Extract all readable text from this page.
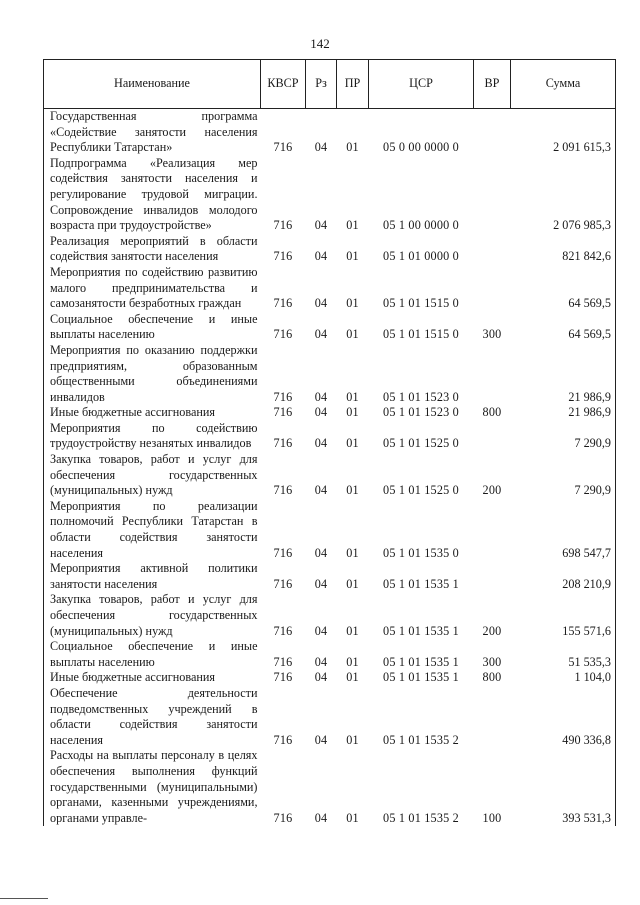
142
Наименование	КВСР	Рз	ПР	ЦСР	ВР	Сумма
Государственная программа «Содействие занятости населения Республики Татарстан»	716	04	01	05 0 00 0000 0		2 091 615,3
Подпрограмма «Реализация мер содействия занятости населения и регулирование трудовой миграции. Сопровождение инвалидов молодого возраста при трудоустройстве»	716	04	01	05 1 00 0000 0		2 076 985,3
Реализация мероприятий в области содействия занятости населения	716	04	01	05 1 01 0000 0		821 842,6
Мероприятия по содействию развитию малого предпринимательства и самозанятости безработных граждан	716	04	01	05 1 01 1515 0		64 569,5
Социальное обеспечение и иные выплаты населению	716	04	01	05 1 01 1515 0	300	64 569,5
Мероприятия по оказанию поддержки предприятиям, образованным общественными объединениями инвалидов	716	04	01	05 1 01 1523 0		21 986,9
Иные бюджетные ассигнования	716	04	01	05 1 01 1523 0	800	21 986,9
Мероприятия по содействию трудоустройству незанятых инвалидов	716	04	01	05 1 01 1525 0		7 290,9
Закупка товаров, работ и услуг для обеспечения государственных (муниципальных) нужд	716	04	01	05 1 01 1525 0	200	7 290,9
Мероприятия по реализации полномочий Республики Татарстан в области содействия занятости населения	716	04	01	05 1 01 1535 0		698 547,7
Мероприятия активной политики занятости населения	716	04	01	05 1 01 1535 1		208 210,9
Закупка товаров, работ и услуг для обеспечения государственных (муниципальных) нужд	716	04	01	05 1 01 1535 1	200	155 571,6
Социальное обеспечение и иные выплаты населению	716	04	01	05 1 01 1535 1	300	51 535,3
Иные бюджетные ассигнования	716	04	01	05 1 01 1535 1	800	1 104,0
Обеспечение деятельности подведомственных учреждений в области содействия занятости населения	716	04	01	05 1 01 1535 2		490 336,8
Расходы на выплаты персоналу в целях обеспечения выполнения функций государственными (муниципальными) органами, казенными учреждениями, органами управле-	716	04	01	05 1 01 1535 2	100	393 531,3
